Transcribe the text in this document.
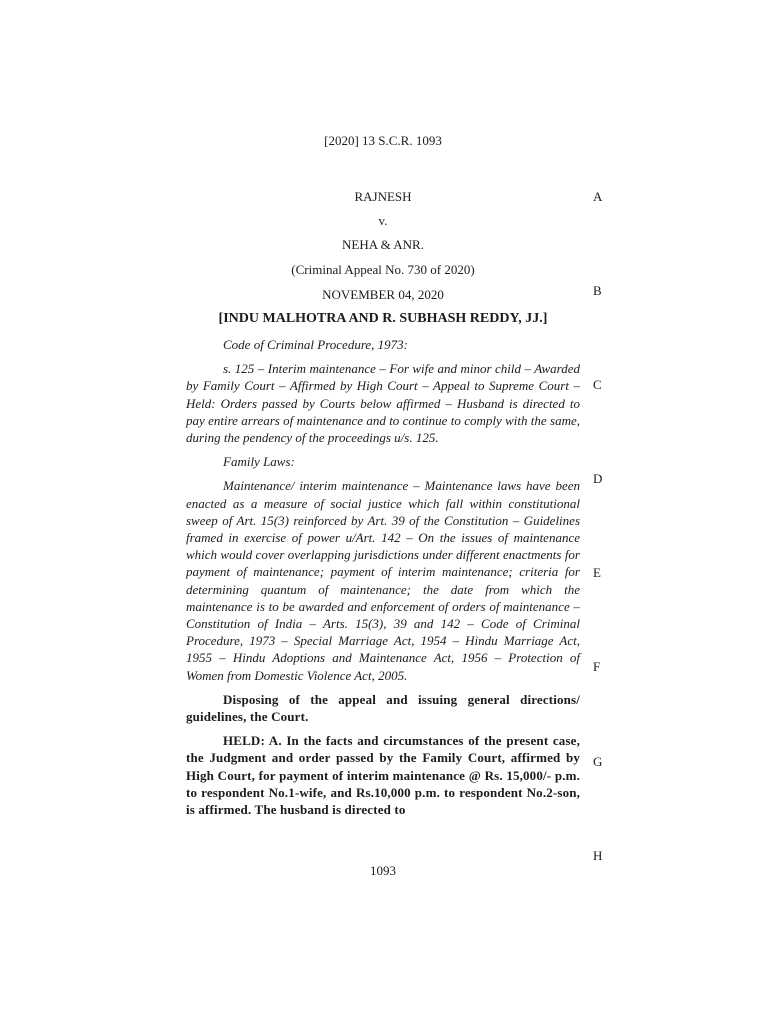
[2020] 13 S.C.R. 1093
RAJNESH
v.
NEHA & ANR.
(Criminal Appeal No. 730 of 2020)
NOVEMBER 04, 2020
[INDU MALHOTRA AND R. SUBHASH REDDY, JJ.]

Code of Criminal Procedure, 1973:

s. 125 – Interim maintenance – For wife and minor child – Awarded by Family Court – Affirmed by High Court – Appeal to Supreme Court – Held: Orders passed by Courts below affirmed – Husband is directed to pay entire arrears of maintenance and to continue to comply with the same, during the pendency of the proceedings u/s. 125.

Family Laws:

Maintenance/ interim maintenance – Maintenance laws have been enacted as a measure of social justice which fall within constitutional sweep of Art. 15(3) reinforced by Art. 39 of the Constitution – Guidelines framed in exercise of power u/Art. 142 – On the issues of maintenance which would cover overlapping jurisdictions under different enactments for payment of maintenance; payment of interim maintenance; criteria for determining quantum of maintenance; the date from which the maintenance is to be awarded and enforcement of orders of maintenance – Constitution of India – Arts. 15(3), 39 and 142 – Code of Criminal Procedure, 1973 – Special Marriage Act, 1954 – Hindu Marriage Act, 1955 – Hindu Adoptions and Maintenance Act, 1956 – Protection of Women from Domestic Violence Act, 2005.

Disposing of the appeal and issuing general directions/ guidelines, the Court.

HELD: A. In the facts and circumstances of the present case, the Judgment and order passed by the Family Court, affirmed by High Court, for payment of interim maintenance @ Rs. 15,000/- p.m. to respondent No.1-wife, and Rs.10,000 p.m. to respondent No.2-son, is affirmed. The husband is directed to

A
B
C
D
E
F
G
H
1093
